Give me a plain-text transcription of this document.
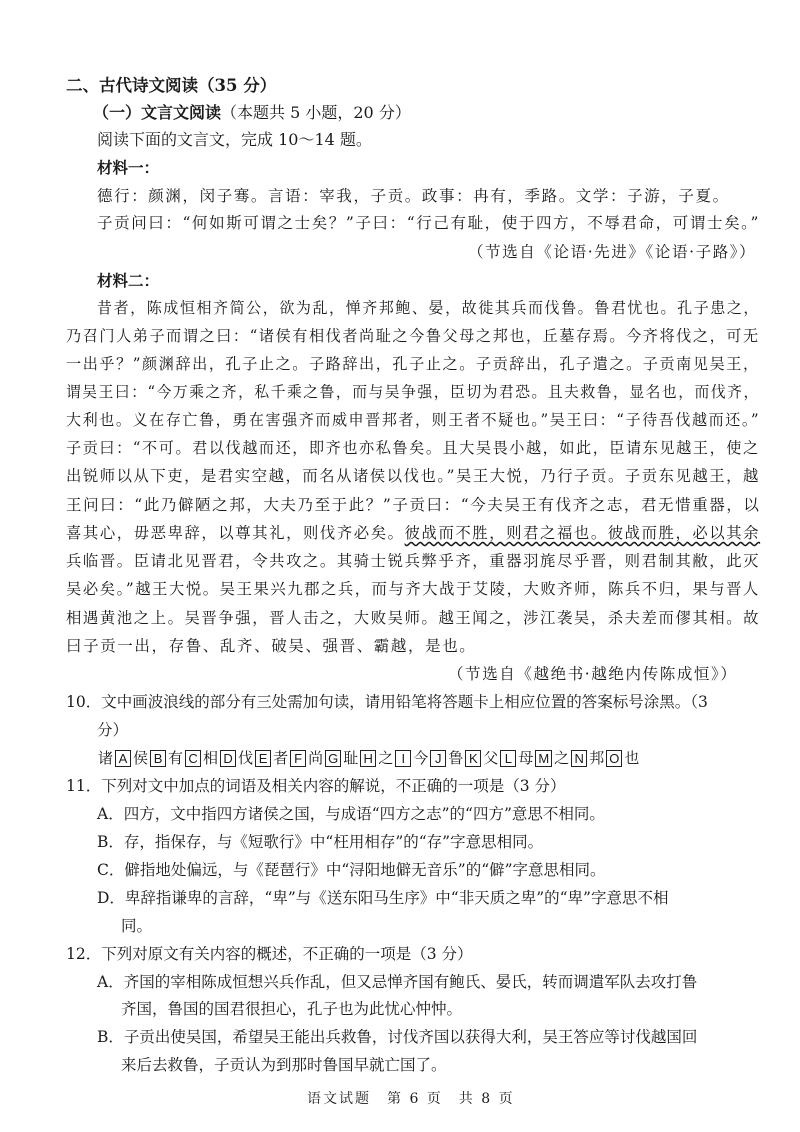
二、古代诗文阅读（35 分）
（一）文言文阅读（本题共 5 小题，20 分）
阅读下面的文言文，完成 10～14 题。
材料一：
德行：颜渊，闵子骞。言语：宰我，子贡。政事：冉有，季路。文学：子游，子夏。
子贡问曰：“何如斯可谓之士矣？”子曰：“行己有耻，使于四方，不辱君命，可谓士矣。”
（节选自《论语·先进》《论语·子路》）
材料二：
昔者，陈成恒相齐简公，欲为乱，惮齐邦鲍、晏，故徙其兵而伐鲁。鲁君忧也。孔子患之，
乃召门人弟子而谓之曰：“诸侯有相伐者尚耻之今鲁父母之邦也，丘墓存焉。今齐将伐之，可无
一出乎？”颜渊辞出，孔子止之。子路辞出，孔子止之。子贡辞出，孔子遣之。子贡南见吴王，
谓吴王曰：“今万乘之齐，私千乘之鲁，而与吴争强，臣切为君恐。且夫救鲁，显名也，而伐齐，
大利也。义在存亡鲁，勇在害强齐而威申晋邦者，则王者不疑也。”吴王曰：“子待吾伐越而还。”
子贡曰：“不可。君以伐越而还，即齐也亦私鲁矣。且大吴畏小越，如此，臣请东见越王，使之
出锐师以从下吏，是君实空越，而名从诸侯以伐也。”吴王大悦，乃行子贡。子贡东见越王，越
王问曰：“此乃僻陋之邦，大夫乃至于此？”子贡曰：“今夫吴王有伐齐之志，君无惜重器，以
喜其心，毋恶卑辞，以尊其礼，则伐齐必矣。彼战而不胜，则君之福也。彼战而胜，必以其余
兵临晋。臣请北见晋君，令共攻之。其骑士锐兵弊乎齐，重器羽旄尽乎晋，则君制其敝，此灭
吴必矣。”越王大悦。吴王果兴九郡之兵，而与齐大战于艾陵，大败齐师，陈兵不归，果与晋人
相遇黄池之上。吴晋争强，晋人击之，大败吴师。越王闻之，涉江袭吴，杀夫差而僇其相。故
曰子贡一出，存鲁、乱齐、破吴、强晋、霸越，是也。
（节选自《越绝书·越绝内传陈成恒》）
10．文中画波浪线的部分有三处需加句读，请用铅笔将答题卡上相应位置的答案标号涂黑。（3
分）
诸 A 侯 B 有 C 相 D 伐 E 者 F 尚 G 耻 H 之 I 今 J 鲁 K 父 L 母 M 之 N 邦 O 也
11．下列对文中加点的词语及相关内容的解说，不正确的一项是（3 分）
A．四方，文中指四方诸侯之国，与成语“四方之志”的“四方”意思不相同。
B．存，指保存，与《短歌行》中“枉用相存”的“存”字意思相同。
C．僻指地处偏远，与《琵琶行》中“浔阳地僻无音乐”的“僻”字意思相同。
D．卑辞指谦卑的言辞，“卑”与《送东阳马生序》中“非天质之卑”的“卑”字意思不相
同。
12．下列对原文有关内容的概述，不正确的一项是（3 分）
A．齐国的宰相陈成恒想兴兵作乱，但又忌惮齐国有鲍氏、晏氏，转而调遣军队去攻打鲁
齐国，鲁国的国君很担心，孔子也为此忧心忡忡。
B．子贡出使吴国，希望吴王能出兵救鲁，讨伐齐国以获得大利，吴王答应等讨伐越国回
来后去救鲁，子贡认为到那时鲁国早就亡国了。
语文试题　第 6 页　共 8 页
